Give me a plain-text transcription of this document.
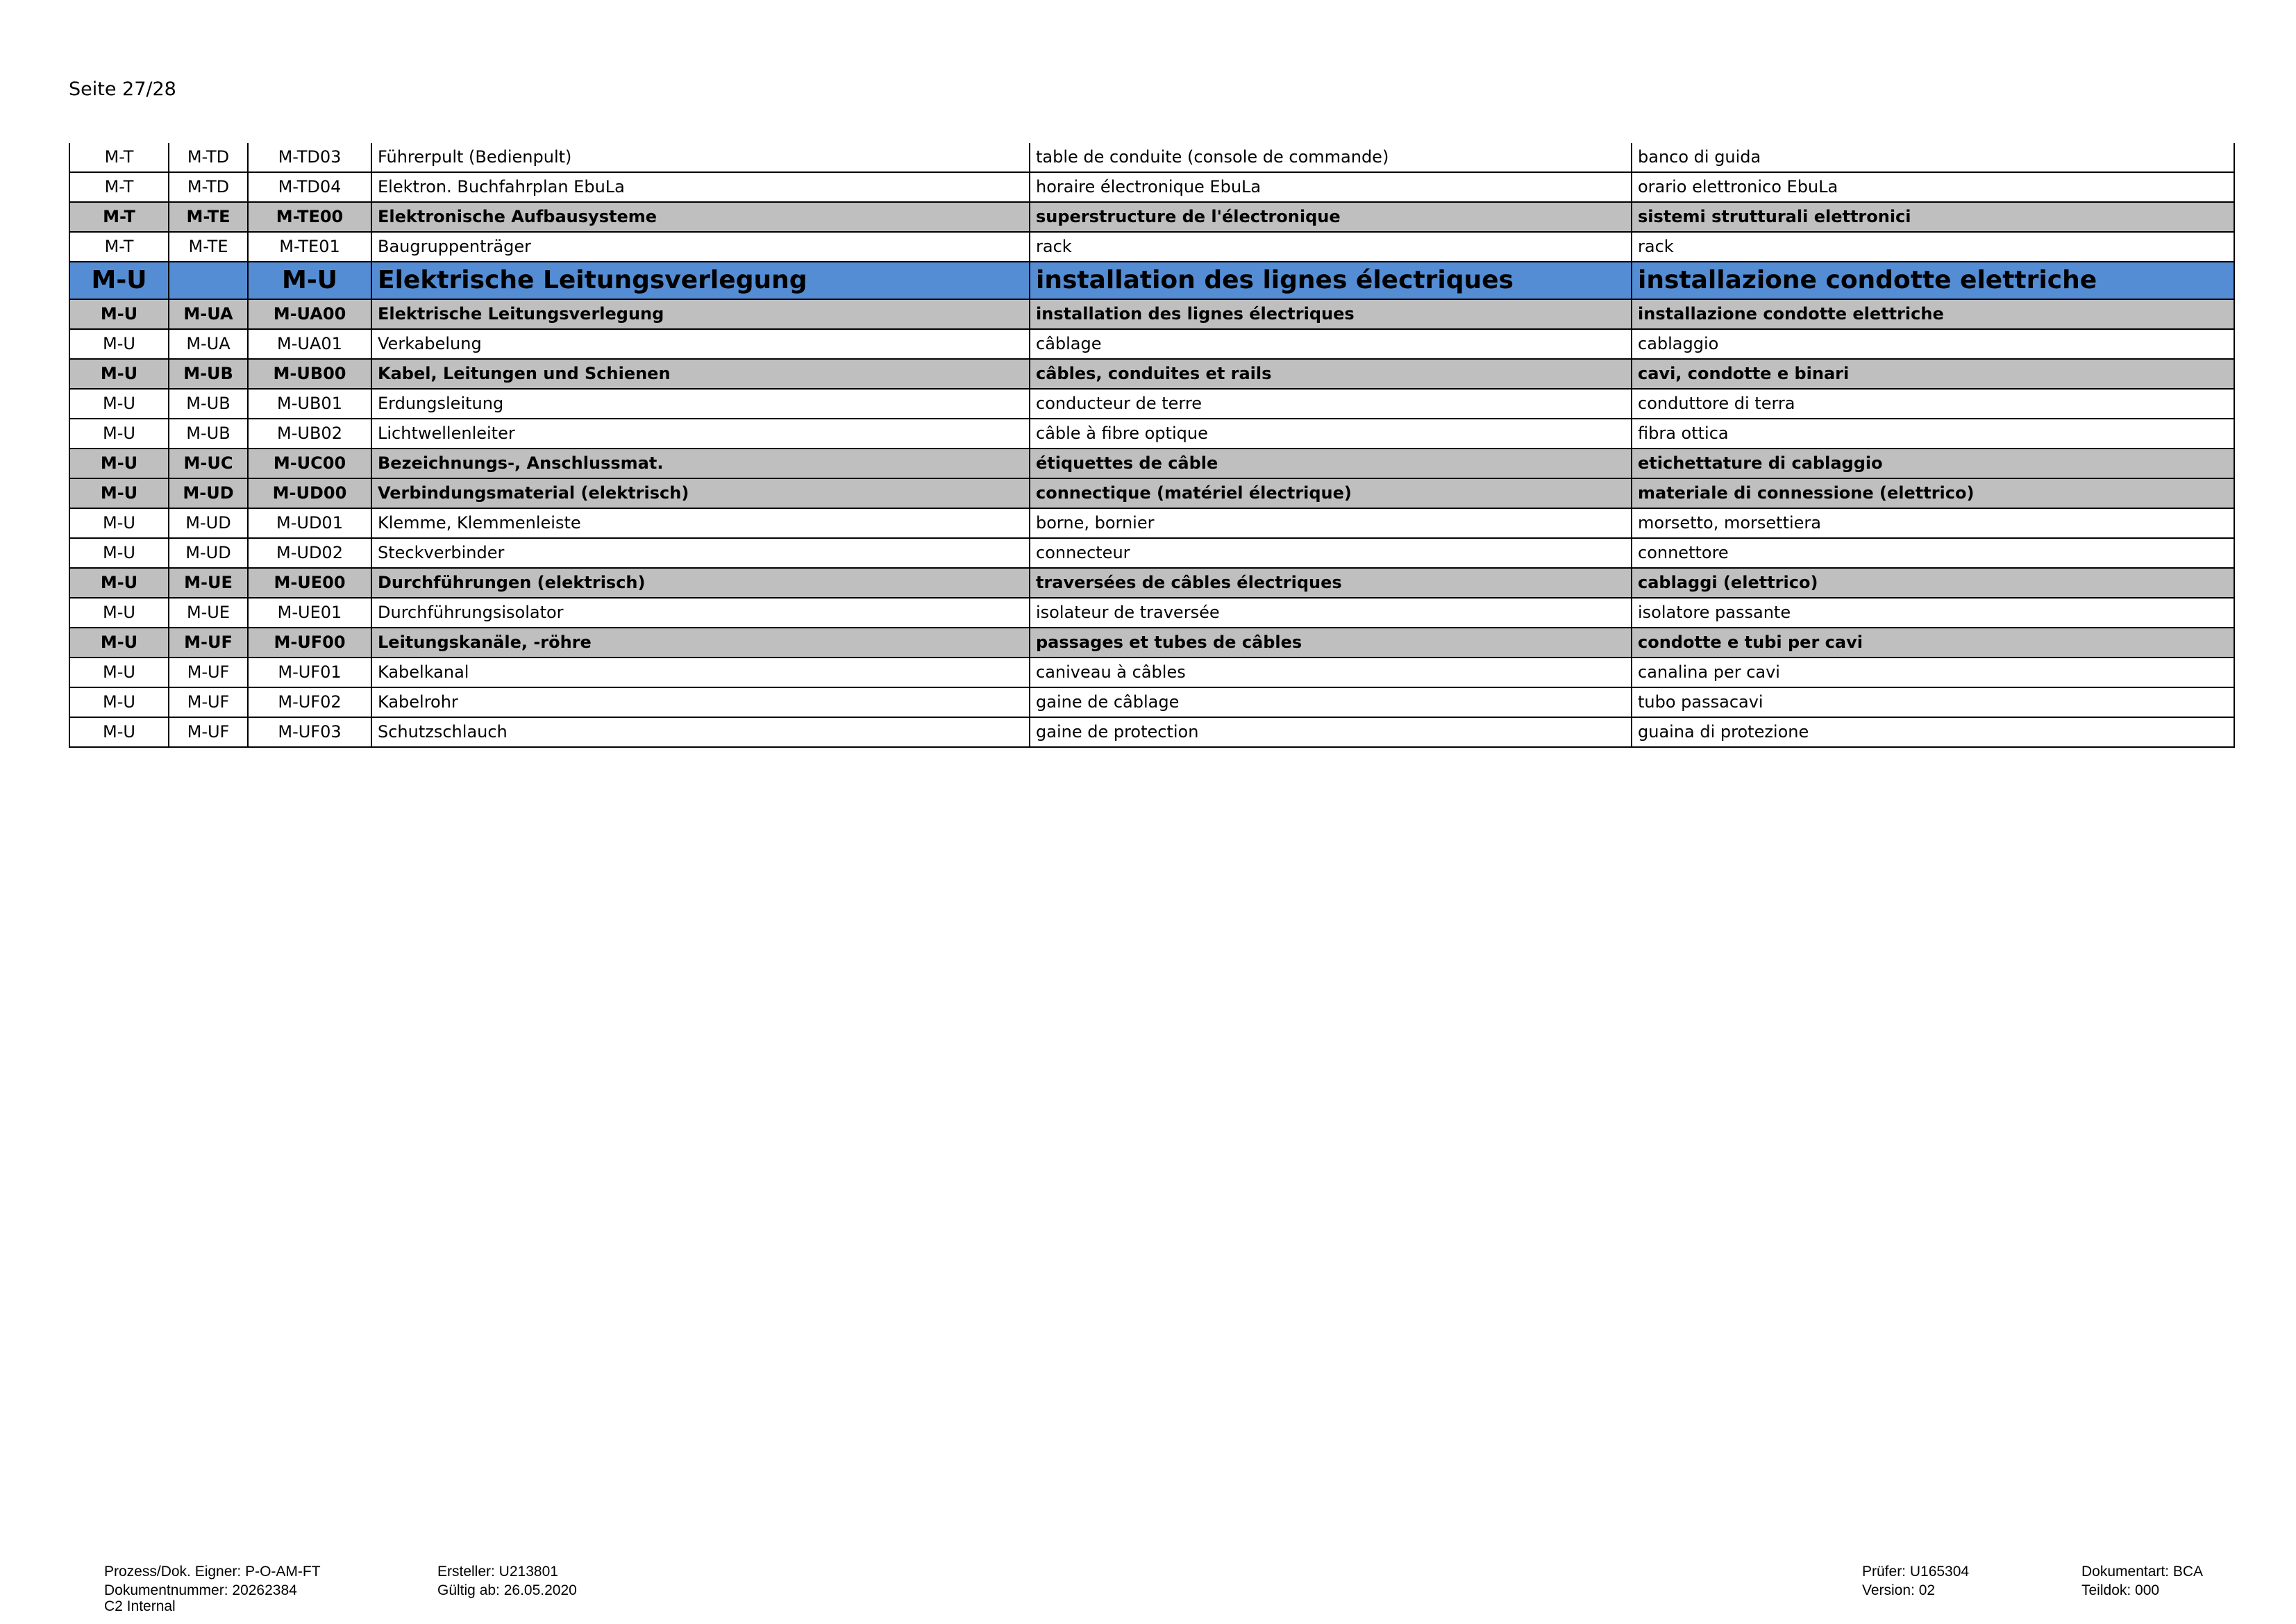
Seite 27/28
M-T	M-TD	M-TD03	Führerpult (Bedienpult)	table de conduite (console de commande)	banco di guida
M-T	M-TD	M-TD04	Elektron. Buchfahrplan EbuLa	horaire électronique EbuLa	orario elettronico EbuLa
M-T	M-TE	M-TE00	Elektronische Aufbausysteme	superstructure de l'électronique	sistemi strutturali elettronici
M-T	M-TE	M-TE01	Baugruppenträger	rack	rack
M-U		M-U	Elektrische Leitungsverlegung	installation des lignes électriques	installazione condotte elettriche
M-U	M-UA	M-UA00	Elektrische Leitungsverlegung	installation des lignes électriques	installazione condotte elettriche
M-U	M-UA	M-UA01	Verkabelung	câblage	cablaggio
M-U	M-UB	M-UB00	Kabel, Leitungen und Schienen	câbles, conduites et rails	cavi, condotte e binari
M-U	M-UB	M-UB01	Erdungsleitung	conducteur de terre	conduttore di terra
M-U	M-UB	M-UB02	Lichtwellenleiter	câble à fibre optique	fibra ottica
M-U	M-UC	M-UC00	Bezeichnungs-, Anschlussmat.	étiquettes de câble	etichettature di cablaggio
M-U	M-UD	M-UD00	Verbindungsmaterial (elektrisch)	connectique (matériel électrique)	materiale di connessione (elettrico)
M-U	M-UD	M-UD01	Klemme, Klemmenleiste	borne, bornier	morsetto, morsettiera
M-U	M-UD	M-UD02	Steckverbinder	connecteur	connettore
M-U	M-UE	M-UE00	Durchführungen (elektrisch)	traversées de câbles électriques	cablaggi (elettrico)
M-U	M-UE	M-UE01	Durchführungsisolator	isolateur de traversée	isolatore passante
M-U	M-UF	M-UF00	Leitungskanäle, -röhre	passages et tubes de câbles	condotte e tubi per cavi
M-U	M-UF	M-UF01	Kabelkanal	caniveau à câbles	canalina per cavi
M-U	M-UF	M-UF02	Kabelrohr	gaine de câblage	tubo passacavi
M-U	M-UF	M-UF03	Schutzschlauch	gaine de protection	guaina di protezione
Prozess/Dok. Eigner: P-O-AM-FT
Dokumentnummer: 20262384
C2 Internal
Ersteller: U213801
Gültig ab: 26.05.2020
Prüfer: U165304
Version: 02
Dokumentart: BCA
Teildok: 000
